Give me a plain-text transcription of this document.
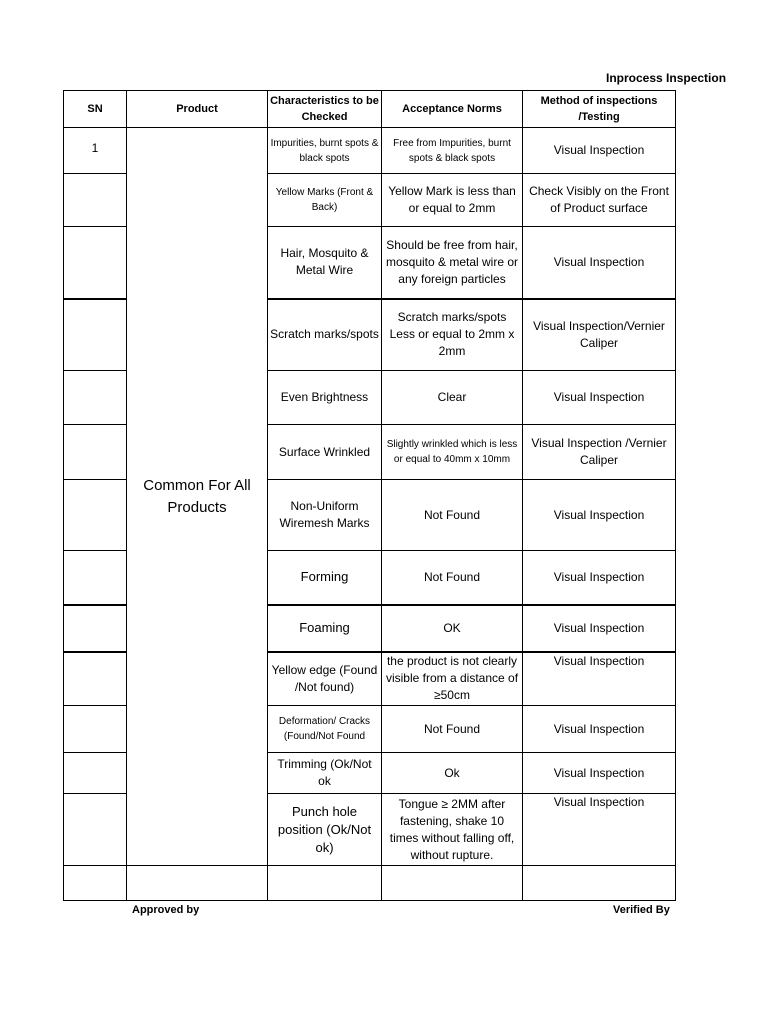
Inprocess Inspection
SN	Product	Characteristics to be Checked	Acceptance Norms	Method of inspections /Testing
1	Common For All Products	Impurities, burnt spots & black spots	Free from Impurities, burnt spots & black spots	Visual Inspection
		Yellow Marks (Front & Back)	Yellow Mark is less than or equal to 2mm	Check Visibly on the Front of Product surface
		Hair, Mosquito & Metal Wire	Should be free from hair, mosquito & metal wire or any foreign particles	Visual Inspection
		Scratch marks/spots	Scratch marks/spots Less or equal to 2mm x 2mm	Visual Inspection/Vernier Caliper
		Even Brightness	Clear	Visual Inspection
		Surface Wrinkled	Slightly wrinkled which is less or equal to 40mm x 10mm	Visual Inspection /Vernier Caliper
		Non-Uniform Wiremesh Marks	Not Found	Visual Inspection
		Forming	Not Found	Visual Inspection
		Foaming	OK	Visual Inspection
		Yellow edge (Found /Not found)	the product is not clearly visible from a distance of ≥50cm	Visual Inspection
		Deformation/ Cracks (Found/Not Found	Not Found	Visual Inspection
		Trimming (Ok/Not ok	Ok	Visual Inspection
		Punch hole position (Ok/Not ok)	Tongue ≥ 2MM after fastening, shake 10 times without falling off, without rupture.	Visual Inspection

Approved by	Verified By
